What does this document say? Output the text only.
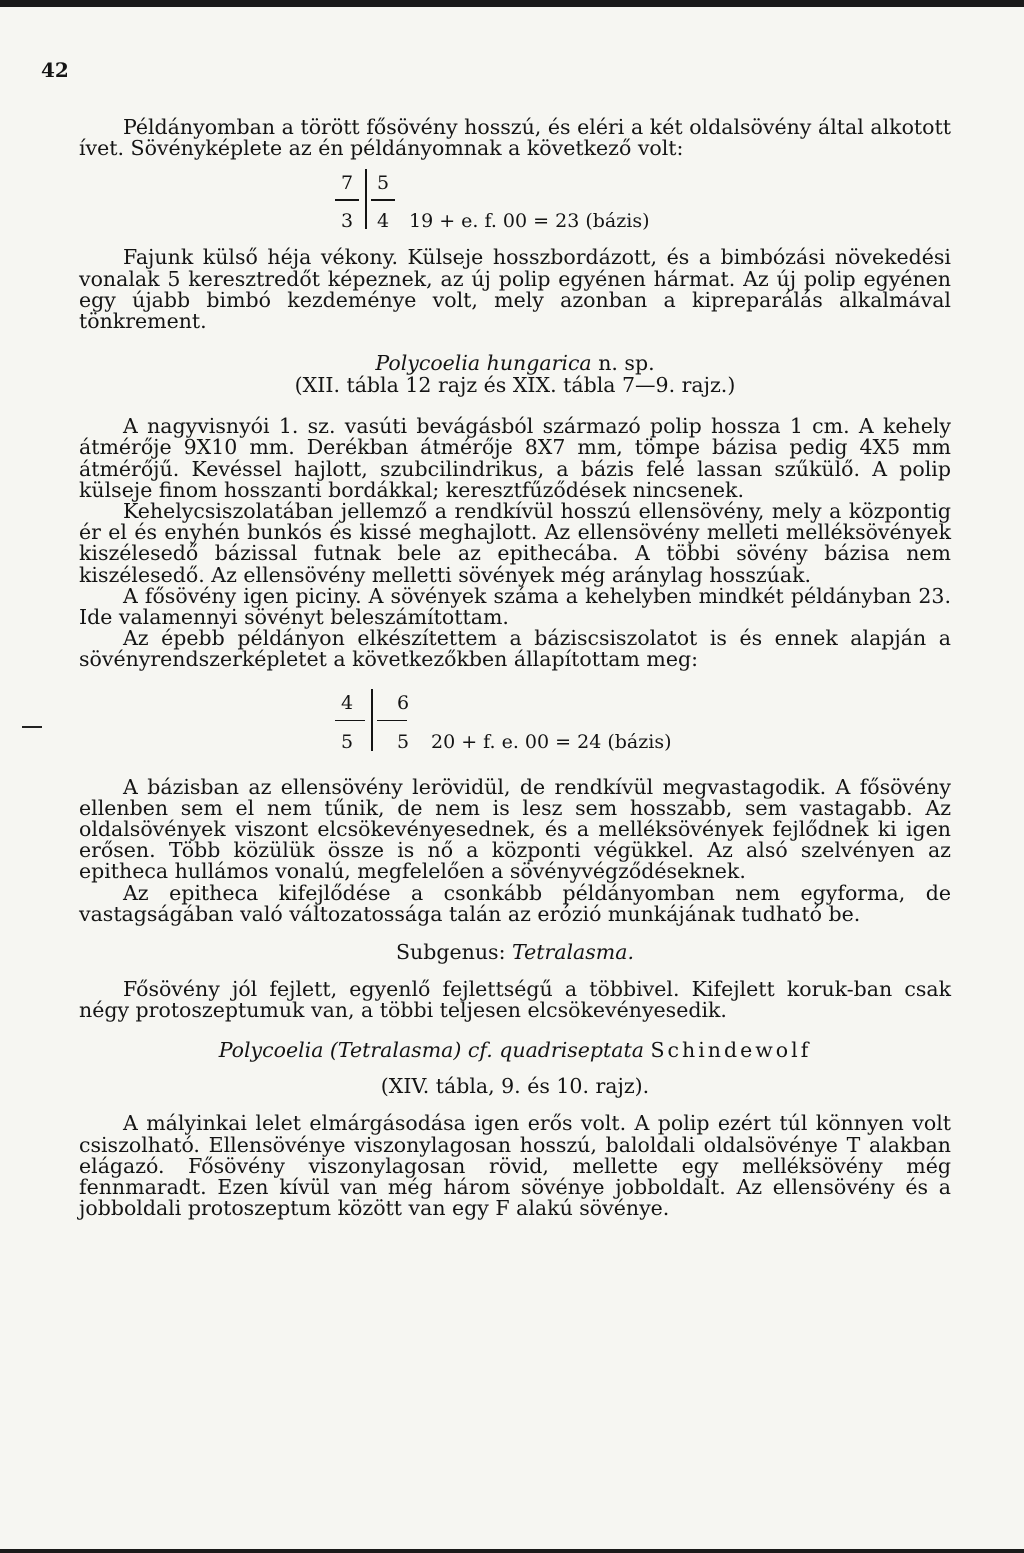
42

Példányomban a törött fősövény hosszú, és eléri a két oldalsövény által alkotott ívet. Sövényképlete az én példányomnak a következő volt:

7 5
3 4 19 + e. f. 00 = 23 (bázis)

Fajunk külső héja vékony. Külseje hosszbordázott, és a bimbózási növekedési vonalak 5 keresztredőt képeznek, az új polip egyénen hármat. Az új polip egyénen egy újabb bimbó kezdeménye volt, mely azonban a kipreparálás alkalmával tönkrement.

Polycoelia hungarica n. sp.
(XII. tábla 12 rajz és XIX. tábla 7—9. rajz.)

A nagyvisnyói 1. sz. vasúti bevágásból származó polip hossza 1 cm. A kehely átmérője 9X10 mm. Derékban átmérője 8X7 mm, tömpe bázisa pedig 4X5 mm átmérőjű. Kevéssel hajlott, szubcilindrikus, a bázis felé lassan szűkülő. A polip külseje finom hosszanti bordákkal; keresztfűződések nincsenek.

Kehelycsiszolatában jellemző a rendkívül hosszú ellensövény, mely a központig ér el és enyhén bunkós és kissé meghajlott. Az ellensövény melleti melléksövények kiszélesedő bázissal futnak bele az epithecába. A többi sövény bázisa nem kiszélesedő. Az ellensövény melletti sövények még aránylag hosszúak.

A fősövény igen piciny. A sövények száma a kehelyben mindkét példányban 23. Ide valamennyi sövényt beleszámítottam.

Az épebb példányon elkészítettem a báziscsiszolatot is és ennek alapján a sövényrendszerképletet a következőkben állapítottam meg:

4 6
5 5 20 + f. e. 00 = 24 (bázis)

A bázisban az ellensövény lerövidül, de rendkívül megvastagodik. A fősövény ellenben sem el nem tűnik, de nem is lesz sem hosszabb, sem vastagabb. Az oldalsövények viszont elcsökevényesednek, és a melléksövények fejlődnek ki igen erősen. Több közülük össze is nő a központi végükkel. Az alsó szelvényen az epitheca hullámos vonalú, megfelelően a sövényvégződéseknek.

Az epitheca kifejlődése a csonkább példányomban nem egyforma, de vastagságában való változatossága talán az erózió munkájának tudható be.

Subgenus: Tetralasma.

Fősövény jól fejlett, egyenlő fejlettségű a többivel. Kifejlett koruk-ban csak négy protoszeptumuk van, a többi teljesen elcsökevényesedik.

Polycoelia (Tetralasma) cf. quadriseptata Schindewolf
(XIV. tábla, 9. és 10. rajz).

A mályinkai lelet elmárgásodása igen erős volt. A polip ezért túl könnyen volt csiszolható. Ellensövénye viszonylagosan hosszú, baloldali oldalsövénye T alakban elágazó. Fősövény viszonylagosan rövid, mellette egy melléksövény még fennmaradt. Ezen kívül van még három sövénye jobboldalt. Az ellensövény és a jobboldali protoszeptum között van egy F alakú sövénye.
